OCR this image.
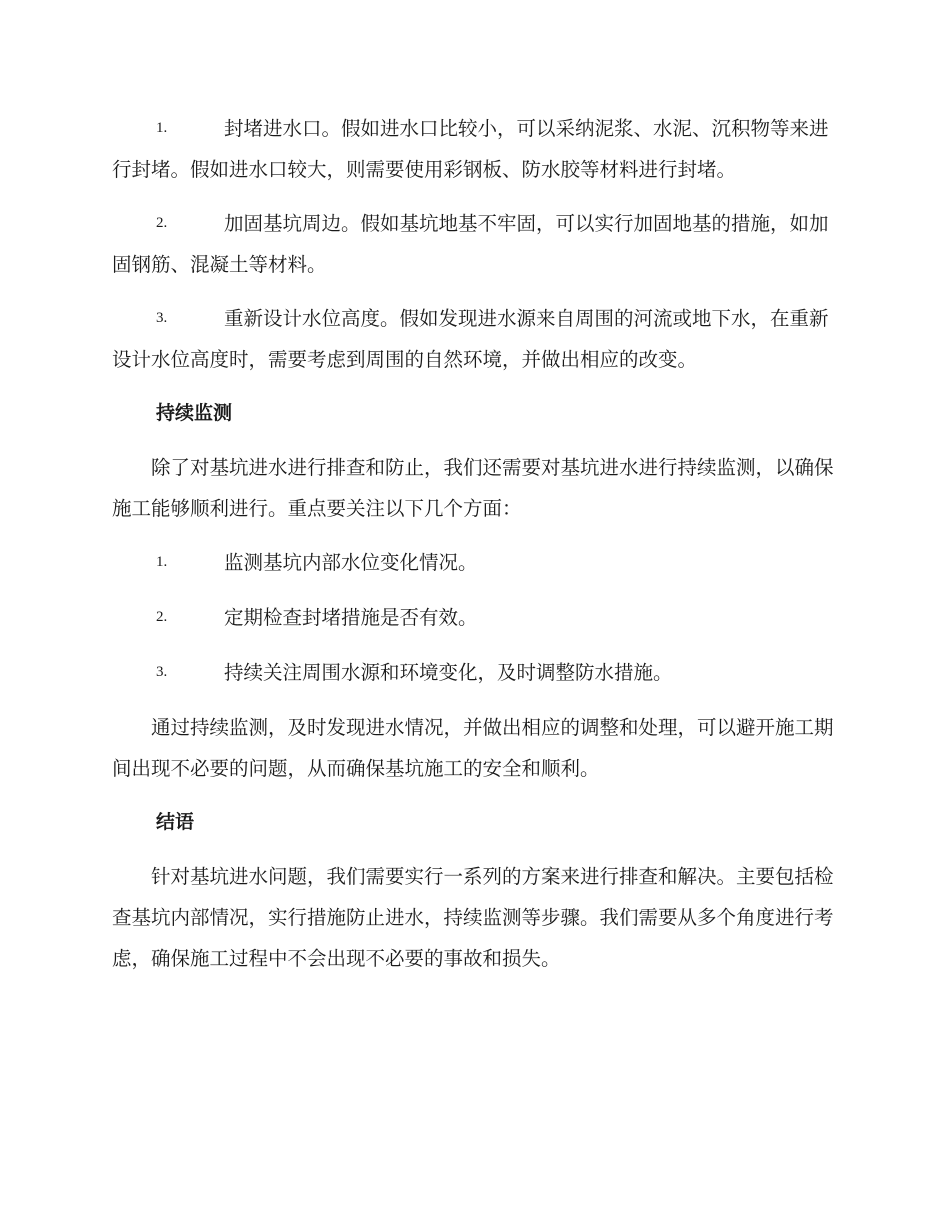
1.	封堵进水口。假如进水口比较小，可以采纳泥浆、水泥、沉积物等来进行封堵。假如进水口较大，则需要使用彩钢板、防水胶等材料进行封堵。
2.	加固基坑周边。假如基坑地基不牢固，可以实行加固地基的措施，如加固钢筋、混凝土等材料。
3.	重新设计水位高度。假如发现进水源来自周围的河流或地下水，在重新设计水位高度时，需要考虑到周围的自然环境，并做出相应的改变。
持续监测

除了对基坑进水进行排查和防止，我们还需要对基坑进水进行持续监测，以确保施工能够顺利进行。重点要关注以下几个方面：

1.	监测基坑内部水位变化情况。
2.	定期检查封堵措施是否有效。
3.	持续关注周围水源和环境变化，及时调整防水措施。

通过持续监测，及时发现进水情况，并做出相应的调整和处理，可以避开施工期间出现不必要的问题，从而确保基坑施工的安全和顺利。

结语

针对基坑进水问题，我们需要实行一系列的方案来进行排查和解决。主要包括检查基坑内部情况，实行措施防止进水，持续监测等步骤。我们需要从多个角度进行考虑，确保施工过程中不会出现不必要的事故和损失。
